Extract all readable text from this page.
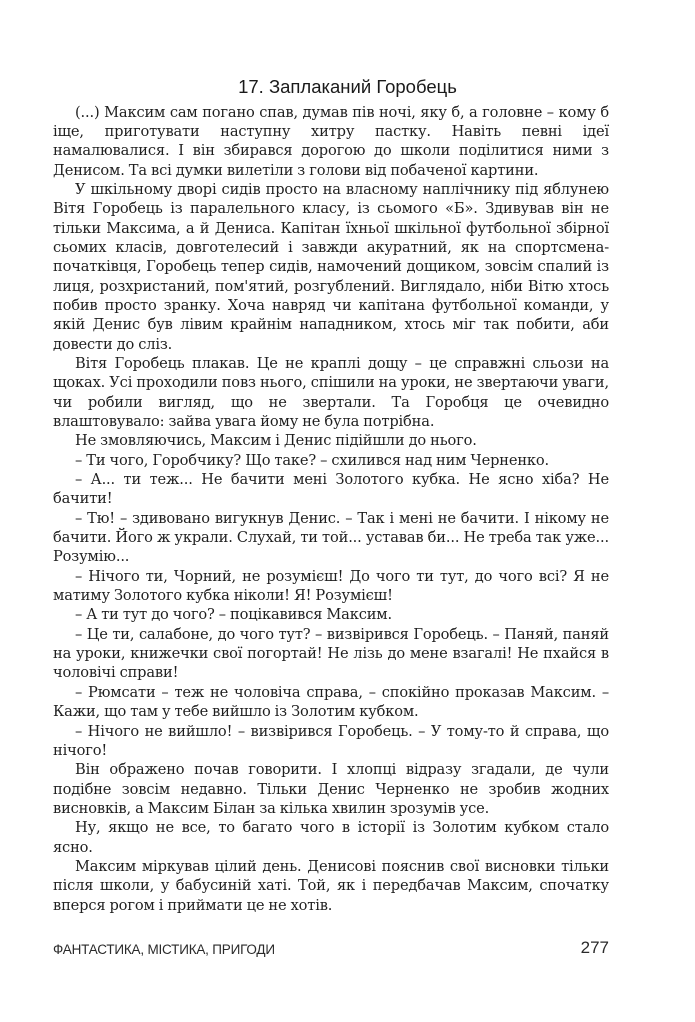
17. Заплаканий Горобець

(...) Максим сам погано спав, думав пів ночі, яку б, а головне – кому б іще, приготувати наступну хитру пастку. Навіть певні ідеї намалювалися. І він збирався дорогою до школи поділитися ними з Денисом. Та всі думки вилетіли з голови від побаченої картини.

У шкільному дворі сидів просто на власному наплічнику під яблунею Вітя Горобець із паралельного класу, із сьомого «Б». Здивував він не тільки Максима, а й Дениса. Капітан їхньої шкільної футбольної збірної сьомих класів, довготелесий і завжди акуратний, як на спортсмена-початківця, Горобець тепер сидів, намочений дощиком, зовсім спалий із лиця, розхристаний, пом'ятий, розгублений. Виглядало, ніби Вітю хтось побив просто зранку. Хоча навряд чи капітана футбольної команди, у якій Денис був лівим крайнім нападником, хтось міг так побити, аби довести до сліз.

Вітя Горобець плакав. Це не краплі дощу – це справжні сльози на щоках. Усі проходили повз нього, спішили на уроки, не звертаючи уваги, чи робили вигляд, що не звертали. Та Горобця це очевидно влаштовувало: зайва увага йому не була потрібна.

Не змовляючись, Максим і Денис підійшли до нього.

– Ти чого, Горобчику? Що таке? – схилився над ним Черненко.

– А... ти теж... Не бачити мені Золотого кубка. Не ясно хіба? Не бачити!

– Тю! – здивовано вигукнув Денис. – Так і мені не бачити. І нікому не бачити. Його ж украли. Слухай, ти той... уставав би... Не треба так уже... Розумію...

– Нічого ти, Чорний, не розумієш! До чого ти тут, до чого всі? Я не матиму Золотого кубка ніколи! Я! Розумієш!

– А ти тут до чого? – поцікавився Максим.

– Це ти, салабоне, до чого тут? – визвірився Горобець. – Паняй, паняй на уроки, книжечки свої погортай! Не лізь до мене взагалі! Не пхайся в чоловічі справи!

– Рюмсати – теж не чоловіча справа, – спокійно проказав Максим. – Кажи, що там у тебе вийшло із Золотим кубком.

– Нічого не вийшло! – визвірився Горобець. – У тому-то й справа, що нічого!

Він ображено почав говорити. І хлопці відразу згадали, де чули подібне зовсім недавно. Тільки Денис Черненко не зробив жодних висновків, а Максим Білан за кілька хвилин зрозумів усе.

Ну, якщо не все, то багато чого в історії із Золотим кубком стало ясно.

Максим міркував цілий день. Денисові пояснив свої висновки тільки після школи, у бабусиній хаті. Той, як і передбачав Максим, спочатку вперся рогом і приймати це не хотів.

ФАНТАСТИКА, МІСТИКА, ПРИГОДИ	277
